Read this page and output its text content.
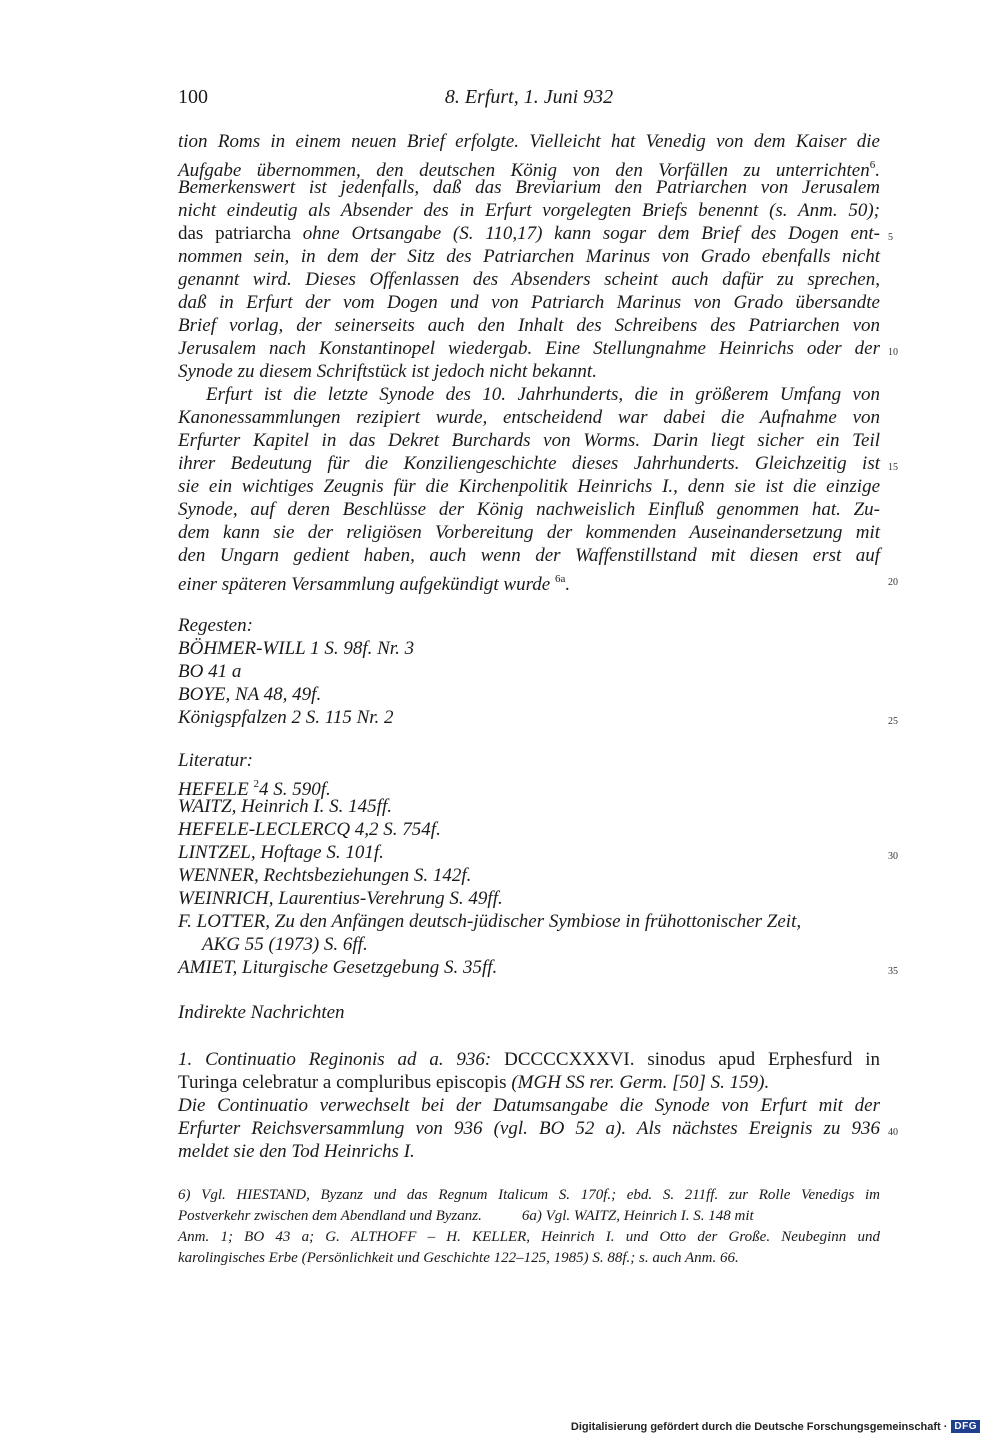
100	8. Erfurt, 1. Juni 932
tion Roms in einem neuen Brief erfolgte. Vielleicht hat Venedig von dem Kaiser die
Aufgabe übernommen, den deutschen König von den Vorfällen zu unterrichten$^6$.
Bemerkenswert ist jedenfalls, daß das Breviarium den Patriarchen von Jerusalem
nicht eindeutig als Absender des in Erfurt vorgelegten Briefs benennt (s. Anm. 50);
das patriarcha ohne Ortsangabe (S. 110,17) kann sogar dem Brief des Dogen ent-
nommen sein, in dem der Sitz des Patriarchen Marinus von Grado ebenfalls nicht
genannt wird. Dieses Offenlassen des Absenders scheint auch dafür zu sprechen,
daß in Erfurt der vom Dogen und von Patriarch Marinus von Grado übersandte
Brief vorlag, der seinerseits auch den Inhalt des Schreibens des Patriarchen von
Jerusalem nach Konstantinopel wiedergab. Eine Stellungnahme Heinrichs oder der
Synode zu diesem Schriftstück ist jedoch nicht bekannt.
Erfurt ist die letzte Synode des 10. Jahrhunderts, die in größerem Umfang von
Kanonessammlungen rezipiert wurde, entscheidend war dabei die Aufnahme von
Erfurter Kapitel in das Dekret Burchards von Worms. Darin liegt sicher ein Teil
ihrer Bedeutung für die Konziliengeschichte dieses Jahrhunderts. Gleichzeitig ist
sie ein wichtiges Zeugnis für die Kirchenpolitik Heinrichs I., denn sie ist die einzige
Synode, auf deren Beschlüsse der König nachweislich Einfluß genommen hat. Zu-
dem kann sie der religiösen Vorbereitung der kommenden Auseinandersetzung mit
den Ungarn gedient haben, auch wenn der Waffenstillstand mit diesen erst auf
einer späteren Versammlung aufgekündigt wurde $^{6a}$.
Regesten:
BÖHMER-WILL 1 S. 98f. Nr. 3
BO 41 a
BOYE, NA 48, 49f.
Königspfalzen 2 S. 115 Nr. 2
Literatur:
HEFELE $^2$4 S. 590f.
WAITZ, Heinrich I. S. 145ff.
HEFELE-LECLERCQ 4,2 S. 754f.
LINTZEL, Hoftage S. 101f.
WENNER, Rechtsbeziehungen S. 142f.
WEINRICH, Laurentius-Verehrung S. 49ff.
F. LOTTER, Zu den Anfängen deutsch-jüdischer Symbiose in frühottonischer Zeit,
AKG 55 (1973) S. 6ff.
AMIET, Liturgische Gesetzgebung S. 35ff.
Indirekte Nachrichten
1. Continuatio Reginonis ad a. 936: DCCCCXXXVI. sinodus apud Erphesfurd in
Turinga celebratur a compluribus episcopis (MGH SS rer. Germ. [50] S. 159).
Die Continuatio verwechselt bei der Datumsangabe die Synode von Erfurt mit der
Erfurter Reichsversammlung von 936 (vgl. BO 52 a). Als nächstes Ereignis zu 936
meldet sie den Tod Heinrichs I.
5
10
15
20
25
30
35
40
6) Vgl. HIESTAND, Byzanz und das Regnum Italicum S. 170f.; ebd. S. 211ff. zur Rolle Venedigs im
Postverkehr zwischen dem Abendland und Byzanz.	6a) Vgl. WAITZ, Heinrich I. S. 148 mit
Anm. 1; BO 43 a; G. ALTHOFF – H. KELLER, Heinrich I. und Otto der Große. Neubeginn und
karolingisches Erbe (Persönlichkeit und Geschichte 122–125, 1985) S. 88f.; s. auch Anm. 66.
Digitalisierung gefördert durch die Deutsche Forschungsgemeinschaft · DFG
